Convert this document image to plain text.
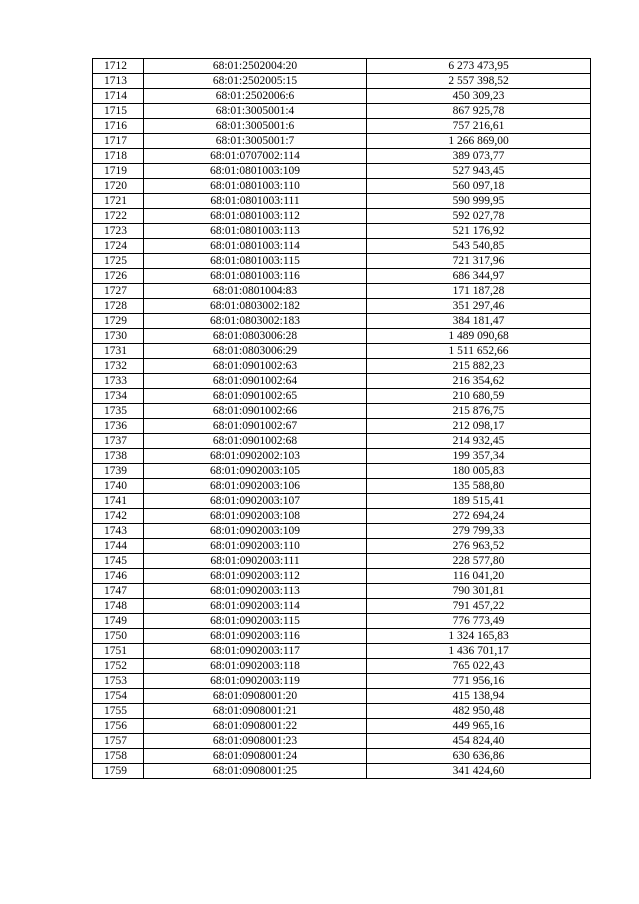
1712	68:01:2502004:20	6 273 473,95
1713	68:01:2502005:15	2 557 398,52
1714	68:01:2502006:6	450 309,23
1715	68:01:3005001:4	867 925,78
1716	68:01:3005001:6	757 216,61
1717	68:01:3005001:7	1 266 869,00
1718	68:01:0707002:114	389 073,77
1719	68:01:0801003:109	527 943,45
1720	68:01:0801003:110	560 097,18
1721	68:01:0801003:111	590 999,95
1722	68:01:0801003:112	592 027,78
1723	68:01:0801003:113	521 176,92
1724	68:01:0801003:114	543 540,85
1725	68:01:0801003:115	721 317,96
1726	68:01:0801003:116	686 344,97
1727	68:01:0801004:83	171 187,28
1728	68:01:0803002:182	351 297,46
1729	68:01:0803002:183	384 181,47
1730	68:01:0803006:28	1 489 090,68
1731	68:01:0803006:29	1 511 652,66
1732	68:01:0901002:63	215 882,23
1733	68:01:0901002:64	216 354,62
1734	68:01:0901002:65	210 680,59
1735	68:01:0901002:66	215 876,75
1736	68:01:0901002:67	212 098,17
1737	68:01:0901002:68	214 932,45
1738	68:01:0902002:103	199 357,34
1739	68:01:0902003:105	180 005,83
1740	68:01:0902003:106	135 588,80
1741	68:01:0902003:107	189 515,41
1742	68:01:0902003:108	272 694,24
1743	68:01:0902003:109	279 799,33
1744	68:01:0902003:110	276 963,52
1745	68:01:0902003:111	228 577,80
1746	68:01:0902003:112	116 041,20
1747	68:01:0902003:113	790 301,81
1748	68:01:0902003:114	791 457,22
1749	68:01:0902003:115	776 773,49
1750	68:01:0902003:116	1 324 165,83
1751	68:01:0902003:117	1 436 701,17
1752	68:01:0902003:118	765 022,43
1753	68:01:0902003:119	771 956,16
1754	68:01:0908001:20	415 138,94
1755	68:01:0908001:21	482 950,48
1756	68:01:0908001:22	449 965,16
1757	68:01:0908001:23	454 824,40
1758	68:01:0908001:24	630 636,86
1759	68:01:0908001:25	341 424,60
